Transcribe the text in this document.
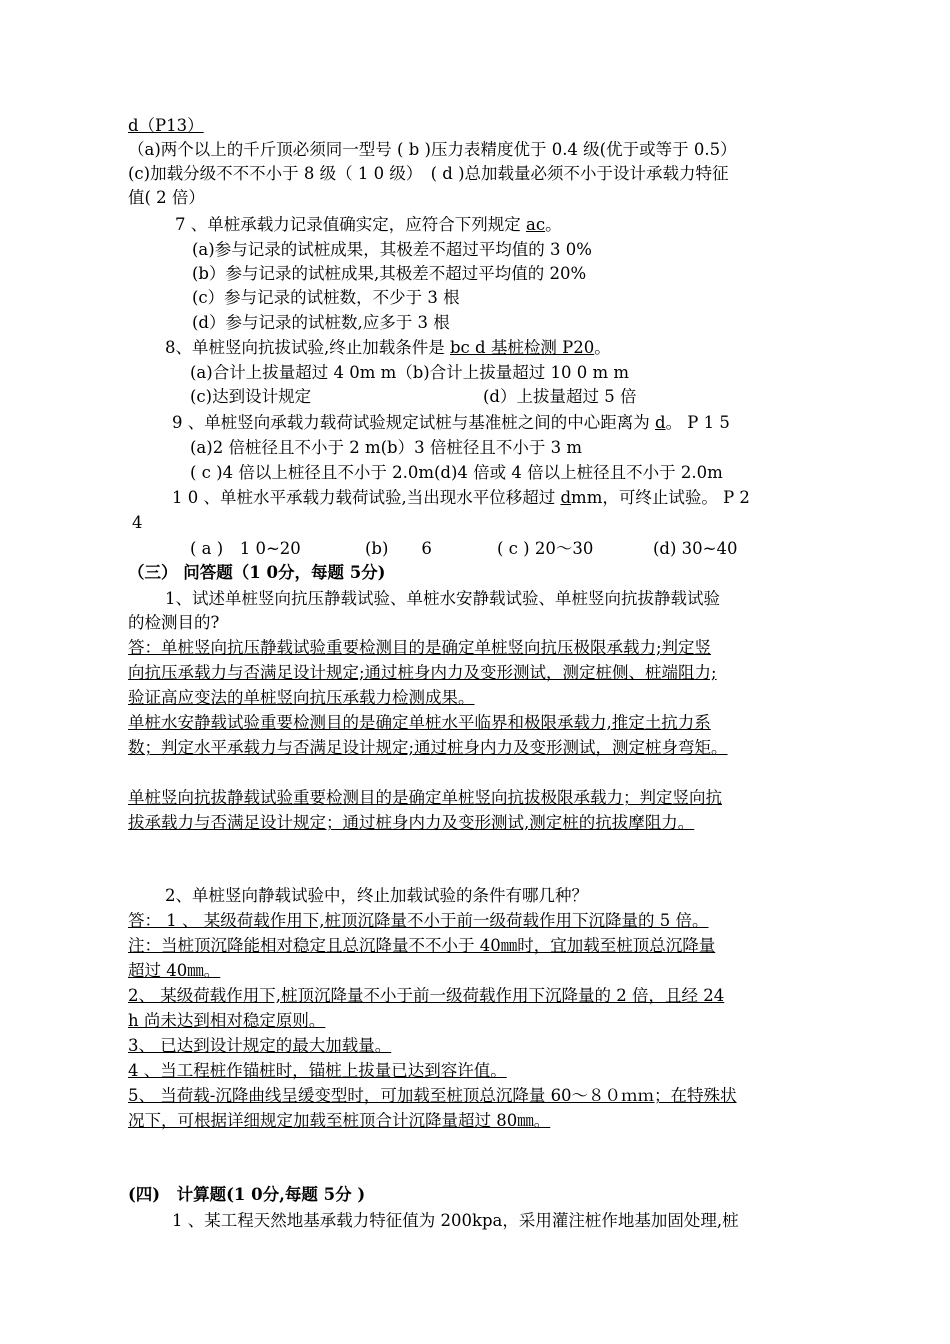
d（P13）
（a)两个以上的千斤顶必须同一型号 ( b )压力表精度优于 0.4 级(优于或等于 0.5）
(c)加载分级不不不小于 8 级（ 1 0 级）　( d )总加载量必须不小于设计承载力特征
值( 2 倍）
7 、单桩承载力记录值确实定，应符合下列规定 ac。
(a)参与记录的试桩成果，其极差不超过平均值的 3 0%
(b）参与记录的试桩成果,其极差不超过平均值的 20%
(c）参与记录的试桩数，不少于 3 根
(d）参与记录的试桩数,应多于 3 根
8、单桩竖向抗拔试验,终止加载条件是 bc d 基桩检测 P20。
(a)合计上拔量超过 4 0m m（b)合计上拔量超过 10 0 m m
(c)达到设计规定	(d）上拔量超过 5 倍
9 、单桩竖向承载力载荷试验规定试桩与基准桩之间的中心距离为 d。 P 1 5
(a)2 倍桩径且不小于 2 m(b）3 倍桩径且不小于 3 m
( c )4 倍以上桩径且不小于 2.0m(d)4 倍或 4 倍以上桩径且不小于 2.0m
1 0 、单桩水平承载力载荷试验,当出现水平位移超过 dmm，可终止试验。 P 2
4
( a )　1 0~20	(b)　　6	( c ) 20～30	(d) 30~40
（三） 问答题（1 0分，每题 5分)
1、试述单桩竖向抗压静载试验、单桩水安静载试验、单桩竖向抗拔静载试验
的检测目的?
答：单桩竖向抗压静载试验重要检测目的是确定单桩竖向抗压极限承载力;判定竖
向抗压承载力与否满足设计规定;通过桩身内力及变形测试，测定桩侧、桩端阻力;
验证高应变法的单桩竖向抗压承载力检测成果。
单桩水安静载试验重要检测目的是确定单桩水平临界和极限承载力,推定土抗力系
数；判定水平承载力与否满足设计规定;通过桩身内力及变形测试，测定桩身弯矩。
单桩竖向抗拔静载试验重要检测目的是确定单桩竖向抗拔极限承载力；判定竖向抗
拔承载力与否满足设计规定；通过桩身内力及变形测试,测定桩的抗拔摩阻力。
2、单桩竖向静载试验中，终止加载试验的条件有哪几种？
答： 1 、 某级荷载作用下,桩顶沉降量不小于前一级荷载作用下沉降量的 5 倍。
注：当桩顶沉降能相对稳定且总沉降量不不小于 40㎜时，宜加载至桩顶总沉降量
超过 40㎜。
2、 某级荷载作用下,桩顶沉降量不小于前一级荷载作用下沉降量的 2 倍，且经 24
h 尚未达到相对稳定原则。
3、 已达到设计规定的最大加载量。
4 、当工程桩作锚桩时，锚桩上拔量已达到容许值。
5、 当荷载-沉降曲线呈缓变型时，可加载至桩顶总沉降量 60～８０ｍｍ；在特殊状
况下，可根据详细规定加载至桩顶合计沉降量超过 80㎜。
(四)　计算题(1 0分,每题 5分 )
1 、某工程天然地基承载力特征值为 200kpa，采用灌注桩作地基加固处理,桩
